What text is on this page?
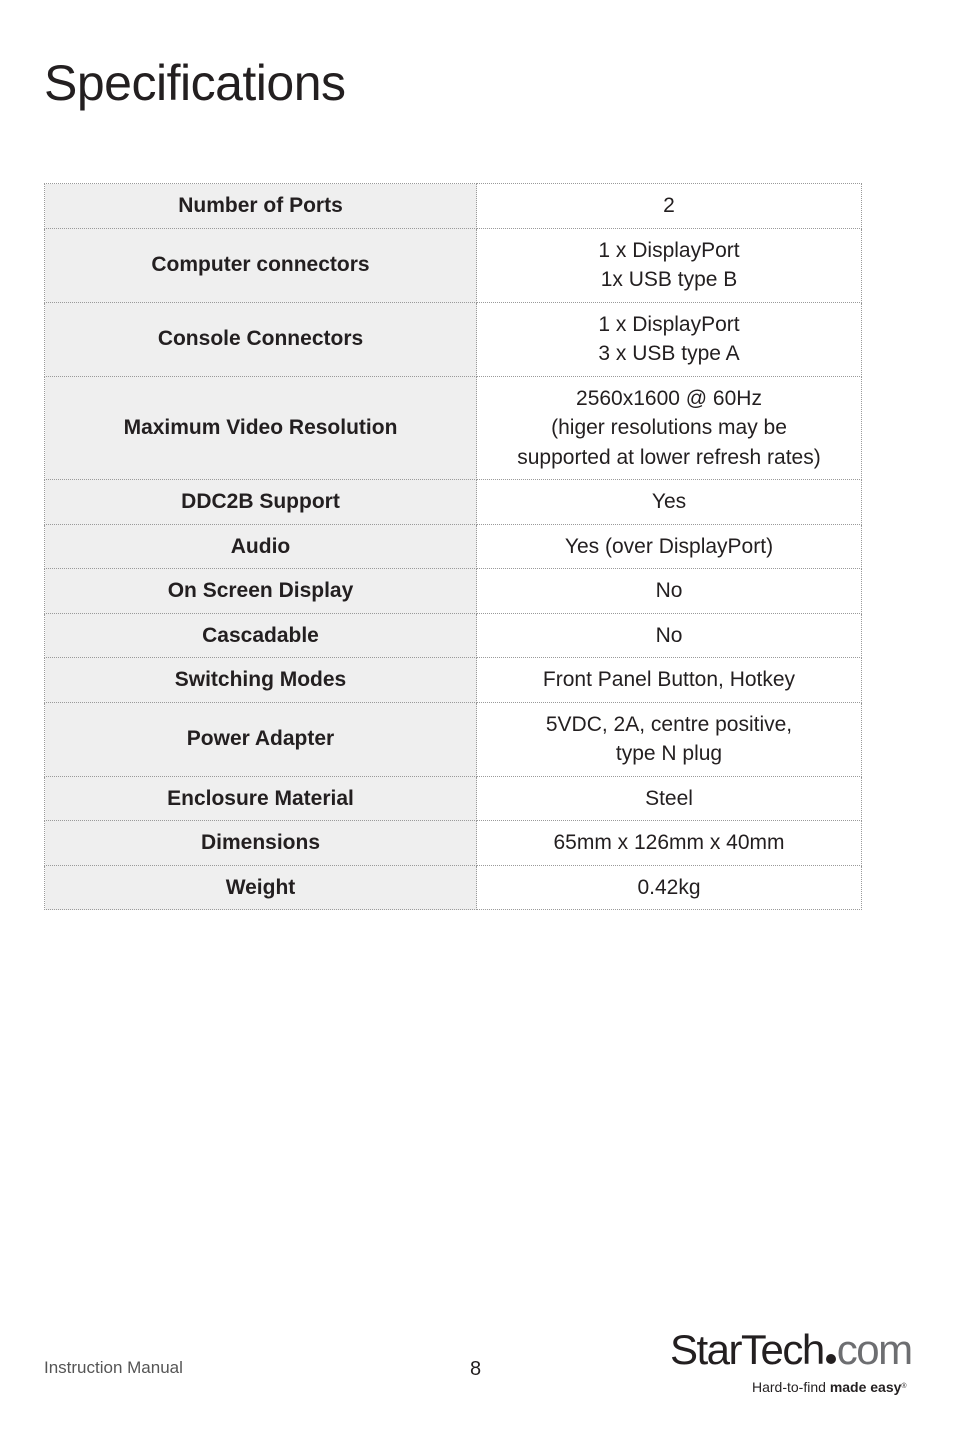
Specifications
Number of Ports	2

Computer connectors	1 x DisplayPort
1x USB type B

Console Connectors	1 x DisplayPort
3 x USB type A

Maximum Video Resolution	2560x1600 @ 60Hz
(higer resolutions may be
supported at lower refresh rates)

DDC2B Support	Yes

Audio	Yes (over DisplayPort)

On Screen Display	No

Cascadable	No

Switching Modes	Front Panel Button, Hotkey

Power Adapter	5VDC, 2A, centre positive,
type N plug

Enclosure Material	Steel

Dimensions	65mm x 126mm x 40mm

Weight	0.42kg
Instruction Manual	8	StarTech com
Hard-to-find made easy®
